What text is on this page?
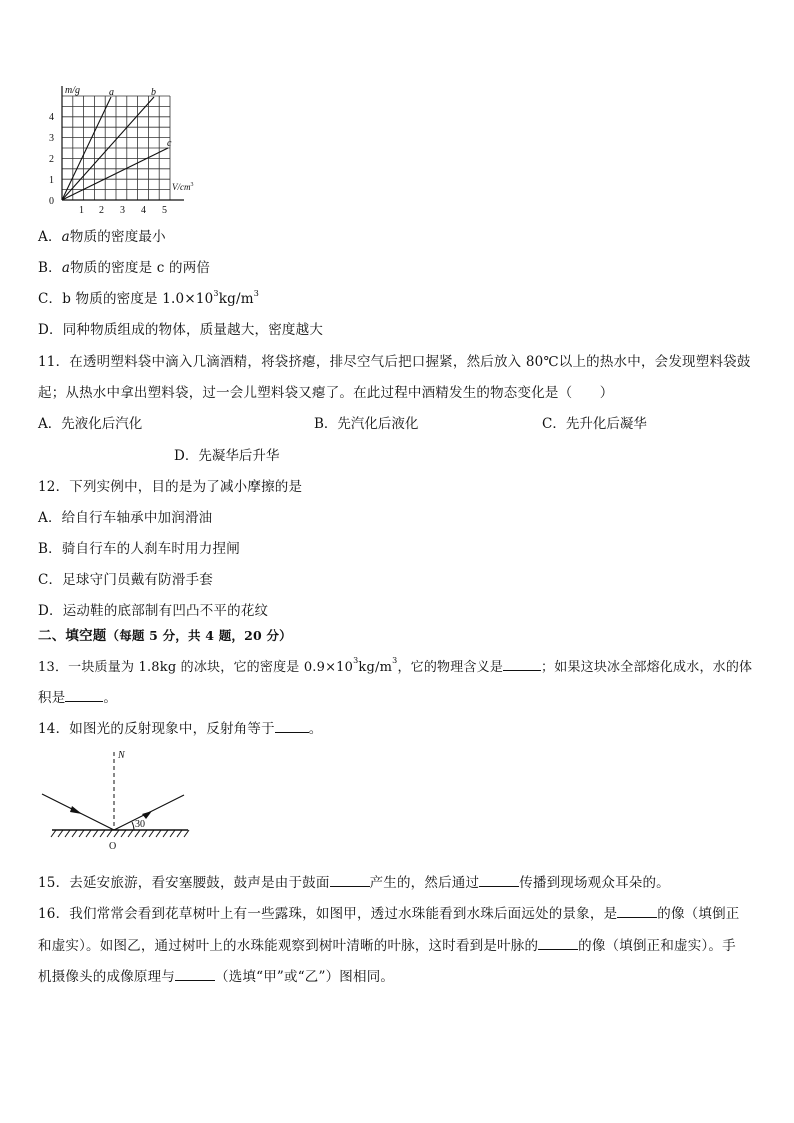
m/g	a	b
c
$V/cm^3$
0
1
2
3
4
1 2 3 4 5
A．a物质的密度最小
B．a物质的密度是 c 的两倍
C．b 物质的密度是 $1.0\times 10^3kg/m^3$
D．同种物质组成的物体，质量越大，密度越大
11．在透明塑料袋中滴入几滴酒精，将袋挤瘪，排尽空气后把口握紧，然后放入 80℃以上的热水中，会发现塑料袋鼓
起；从热水中拿出塑料袋，过一会儿塑料袋又瘪了。在此过程中酒精发生的物态变化是（　　）
A．先液化后汽化	B．先汽化后液化	C．先升化后凝华
D．先凝华后升华
12．下列实例中，目的是为了减小摩擦的是
A．给自行车轴承中加润滑油
B．骑自行车的人刹车时用力捏闸
C．足球守门员戴有防滑手套
D．运动鞋的底部制有凹凸不平的花纹
二、填空题（每题 5 分，共 4 题，20 分）
13．一块质量为 1.8kg 的冰块，它的密度是 $0.9\times 10^3kg/m^3$，它的物理含义是	；如果这块冰全部熔化成水，水的体
积是	。
14．如图光的反射现象中，反射角等于	。
N
30
O
15．去延安旅游，看安塞腰鼓，鼓声是由于鼓面	产生的，然后通过	传播到现场观众耳朵的。
16．我们常常会看到花草树叶上有一些露珠，如图甲，透过水珠能看到水珠后面远处的景象，是	的像（填倒正
和虚实）。如图乙，通过树叶上的水珠能观察到树叶清晰的叶脉，这时看到是叶脉的	的像（填倒正和虚实）。手
机摄像头的成像原理与	（选填“甲”或“乙”）图相同。
